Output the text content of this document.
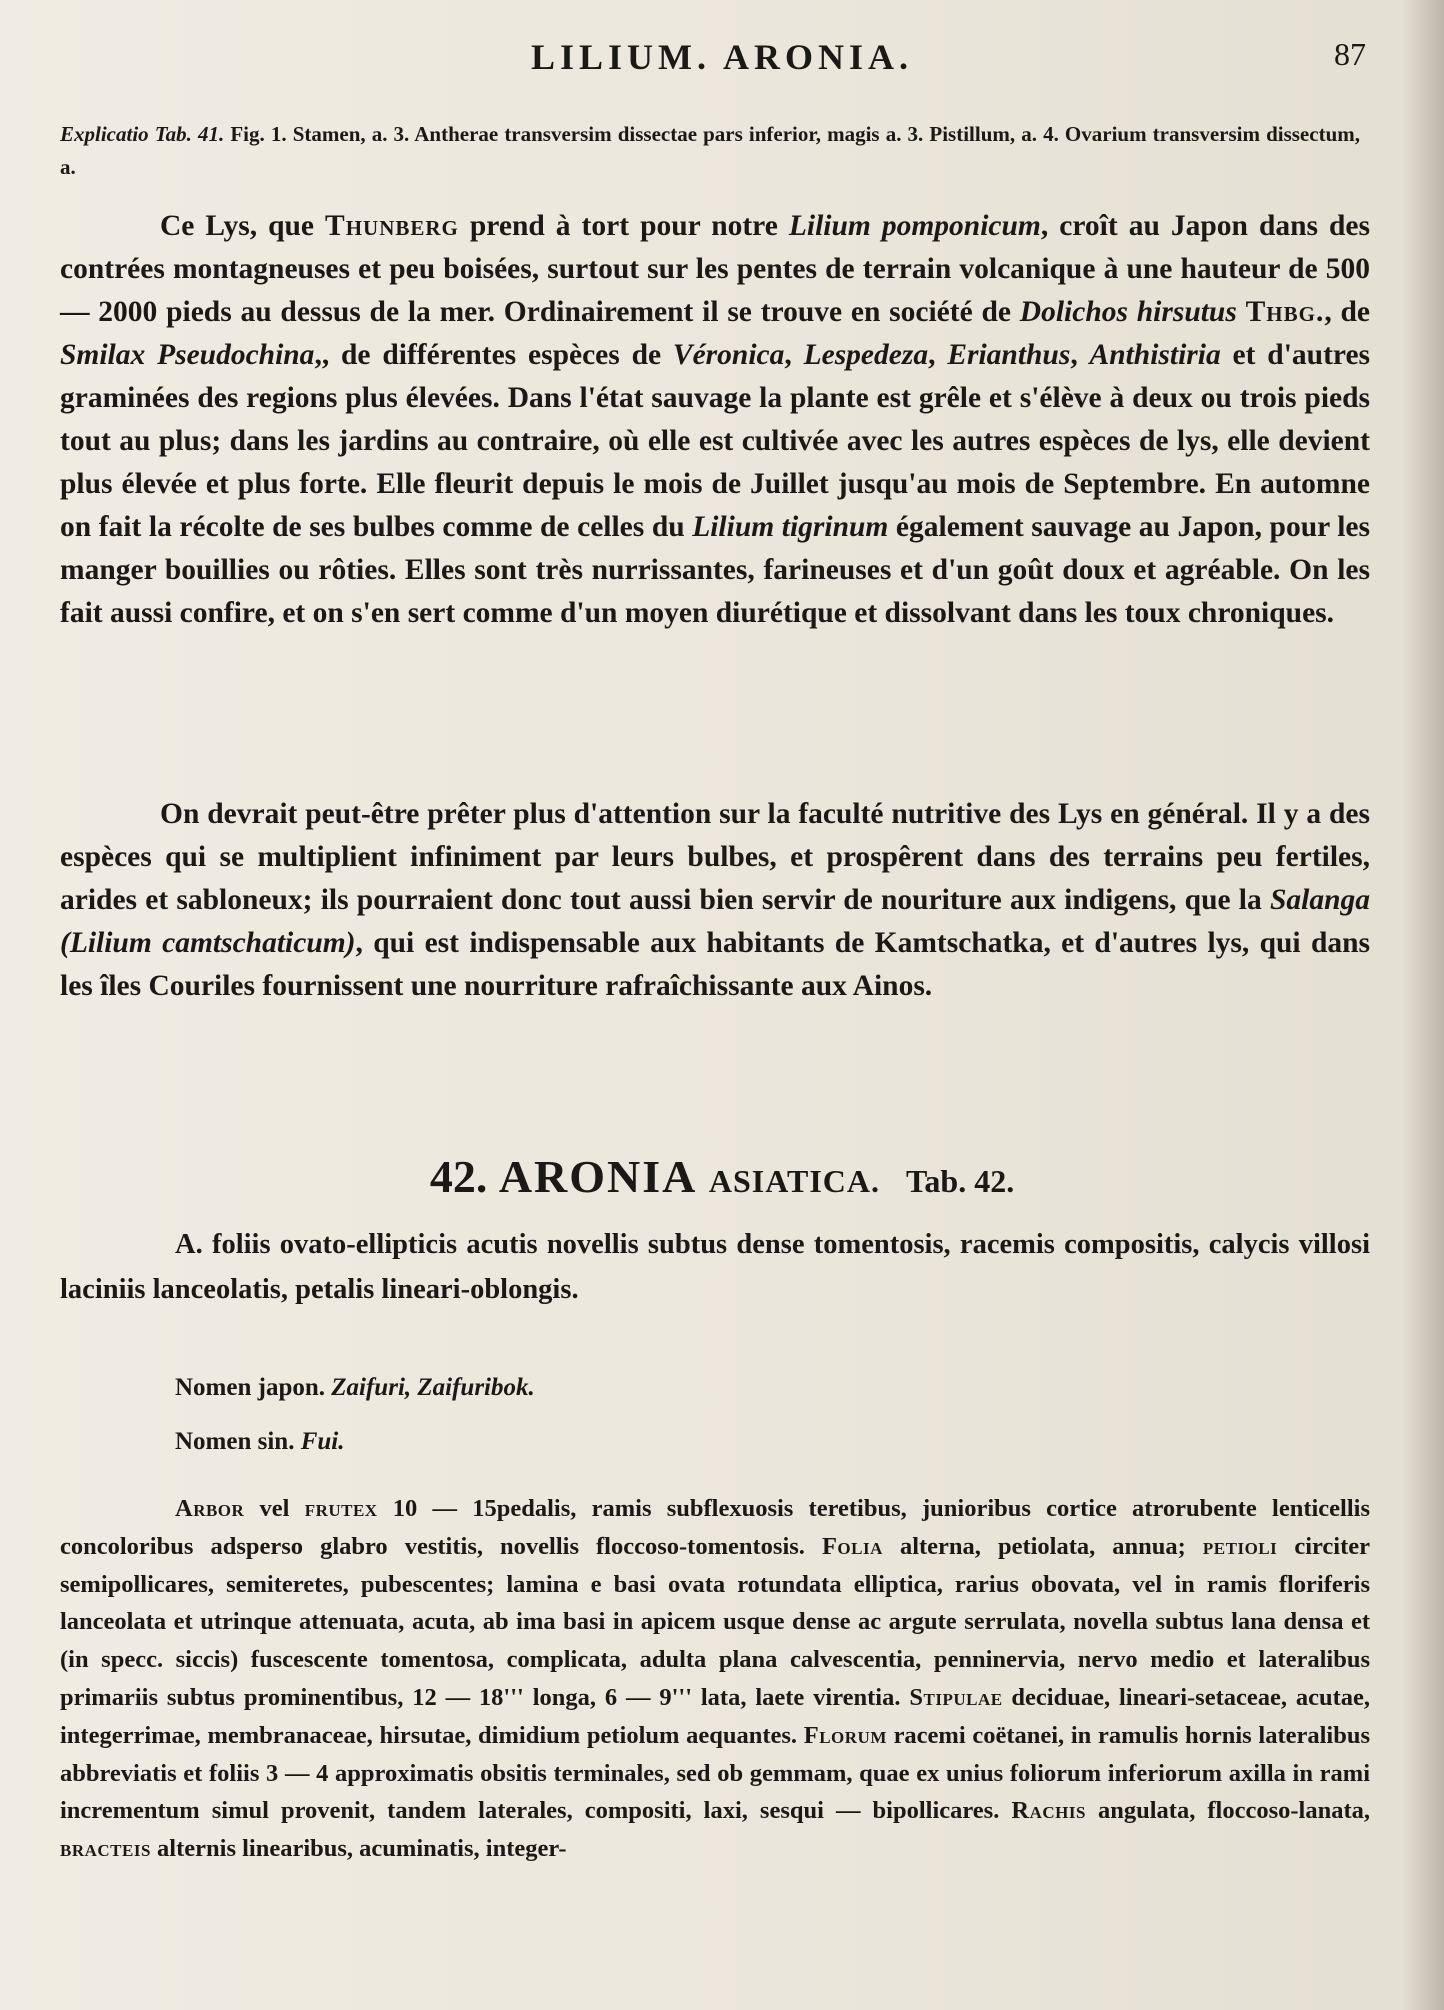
LILIUM. ARONIA.	87
Explicatio Tab. 41. Fig. 1. Stamen, a. 3. Antherae transversim dissectae pars inferior, magis a. 3. Pistillum, a. 4. Ovarium transversim dissectum, a.
Ce Lys, que Thunberg prend à tort pour notre Lilium pomponicum, croît au Japon dans des contrées montagneuses et peu boisées, surtout sur les pentes de terrain volcanique à une hauteur de 500 — 2000 pieds au dessus de la mer. Ordinairement il se trouve en société de Dolichos hirsutus Thbg., de Smilax Pseudochina,, de différentes espèces de Véronica, Lespedeza, Erianthus, Anthistiria et d'autres graminées des regions plus élevées. Dans l'état sauvage la plante est grêle et s'élève à deux ou trois pieds tout au plus; dans les jardins au contraire, où elle est cultivée avec les autres espèces de lys, elle devient plus élevée et plus forte. Elle fleurit depuis le mois de Juillet jusqu'au mois de Septembre. En automne on fait la récolte de ses bulbes comme de celles du Lilium tigrinum également sauvage au Japon, pour les manger bouillies ou rôties. Elles sont très nurrissantes, farineuses et d'un goût doux et agréable. On les fait aussi confire, et on s'en sert comme d'un moyen diurétique et dissolvant dans les toux chroniques.
On devrait peut-être prêter plus d'attention sur la faculté nutritive des Lys en général. Il y a des espèces qui se multiplient infiniment par leurs bulbes, et prospêrent dans des terrains peu fertiles, arides et sabloneux; ils pourraient donc tout aussi bien servir de nouriture aux indigens, que la Salanga (Lilium camtschaticum), qui est indispensable aux habitants de Kamtschatka, et d'autres lys, qui dans les îles Couriles fournissent une nourriture rafraîchissante aux Ainos.
42. ARONIA ASIATICA. Tab. 42.
A. foliis ovato-ellipticis acutis novellis subtus dense tomentosis, racemis compositis, calycis villosi laciniis lanceolatis, petalis lineari-oblongis.
Nomen japon. Zaifuri, Zaifuribok.
Nomen sin. Fui.
Arbor vel frutex 10 — 15pedalis, ramis subflexuosis teretibus, junioribus cortice atrorubente lenticellis concoloribus adsperso glabro vestitis, novellis floccoso-tomentosis. Folia alterna, petiolata, annua; petioli circiter semipollicares, semiteretes, pubescentes; lamina e basi ovata rotundata elliptica, rarius obovata, vel in ramis floriferis lanceolata et utrinque attenuata, acuta, ab ima basi in apicem usque dense ac argute serrulata, novella subtus lana densa et (in specc. siccis) fuscescente tomentosa, complicata, adulta plana calvescentia, penninervia, nervo medio et lateralibus primariis subtus prominentibus, 12 — 18''' longa, 6 — 9''' lata, laete virentia. Stipulae deciduae, lineari-setaceae, acutae, integerrimae, membranaceae, hirsutae, dimidium petiolum aequantes. Florum racemi coëtanei, in ramulis hornis lateralibus abbreviatis et foliis 3 — 4 approximatis obsitis terminales, sed ob gemmam, quae ex unius foliorum inferiorum axilla in rami incrementum simul provenit, tandem laterales, compositi, laxi, sesqui — bipollicares. Rachis angulata, floccoso-lanata, bracteis alternis linearibus, acuminatis, integer-
